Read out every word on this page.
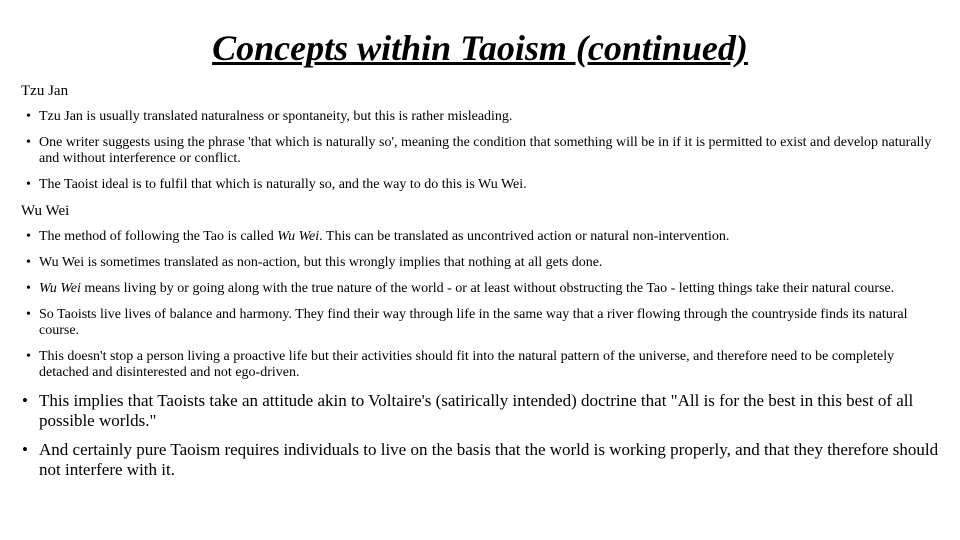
Concepts within Taoism (continued)
Tzu Jan
• Tzu Jan is usually translated naturalness or spontaneity, but this is rather misleading.
• One writer suggests using the phrase 'that which is naturally so', meaning the condition that something will be in if it is permitted to exist and develop naturally and without interference or conflict.
• The Taoist ideal is to fulfil that which is naturally so, and the way to do this is Wu Wei.
Wu Wei
• The method of following the Tao is called Wu Wei. This can be translated as uncontrived action or natural non-intervention.
• Wu Wei is sometimes translated as non-action, but this wrongly implies that nothing at all gets done.
• Wu Wei means living by or going along with the true nature of the world - or at least without obstructing the Tao - letting things take their natural course.
• So Taoists live lives of balance and harmony. They find their way through life in the same way that a river flowing through the countryside finds its natural course.
• This doesn't stop a person living a proactive life but their activities should fit into the natural pattern of the universe, and therefore need to be completely detached and disinterested and not ego-driven.
• This implies that Taoists take an attitude akin to Voltaire's (satirically intended) doctrine that "All is for the best in this best of all possible worlds."
• And certainly pure Taoism requires individuals to live on the basis that the world is working properly, and that they therefore should not interfere with it.
